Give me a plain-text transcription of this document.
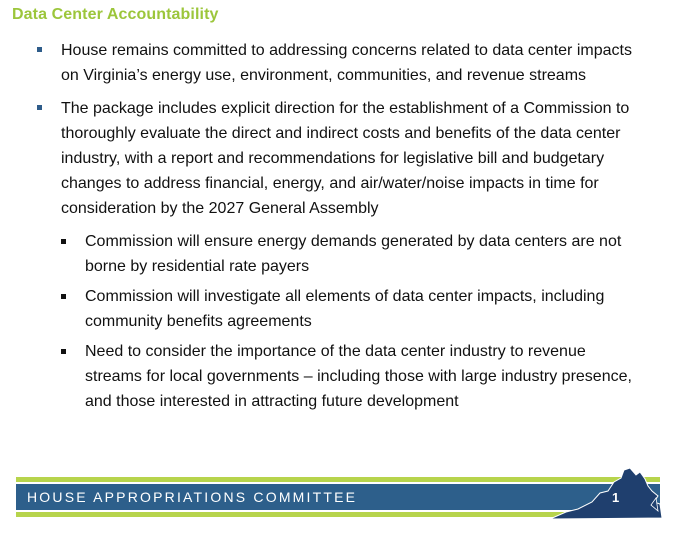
Data Center Accountability
House remains committed to addressing concerns related to data center impacts on Virginia’s energy use, environment, communities, and revenue streams
The package includes explicit direction for the establishment of a Commission to thoroughly evaluate the direct and indirect costs and benefits of the data center industry, with a report and recommendations for legislative bill and budgetary changes to address financial, energy, and air/water/noise impacts in time for consideration by the 2027 General Assembly
Commission will ensure energy demands generated by data centers are not borne by residential rate payers
Commission will investigate all elements of data center impacts, including community benefits agreements
Need to consider the importance of the data center industry to revenue streams for local governments – including those with large industry presence, and those interested in attracting future development
HOUSE APPROPRIATIONS COMMITTEE	1
